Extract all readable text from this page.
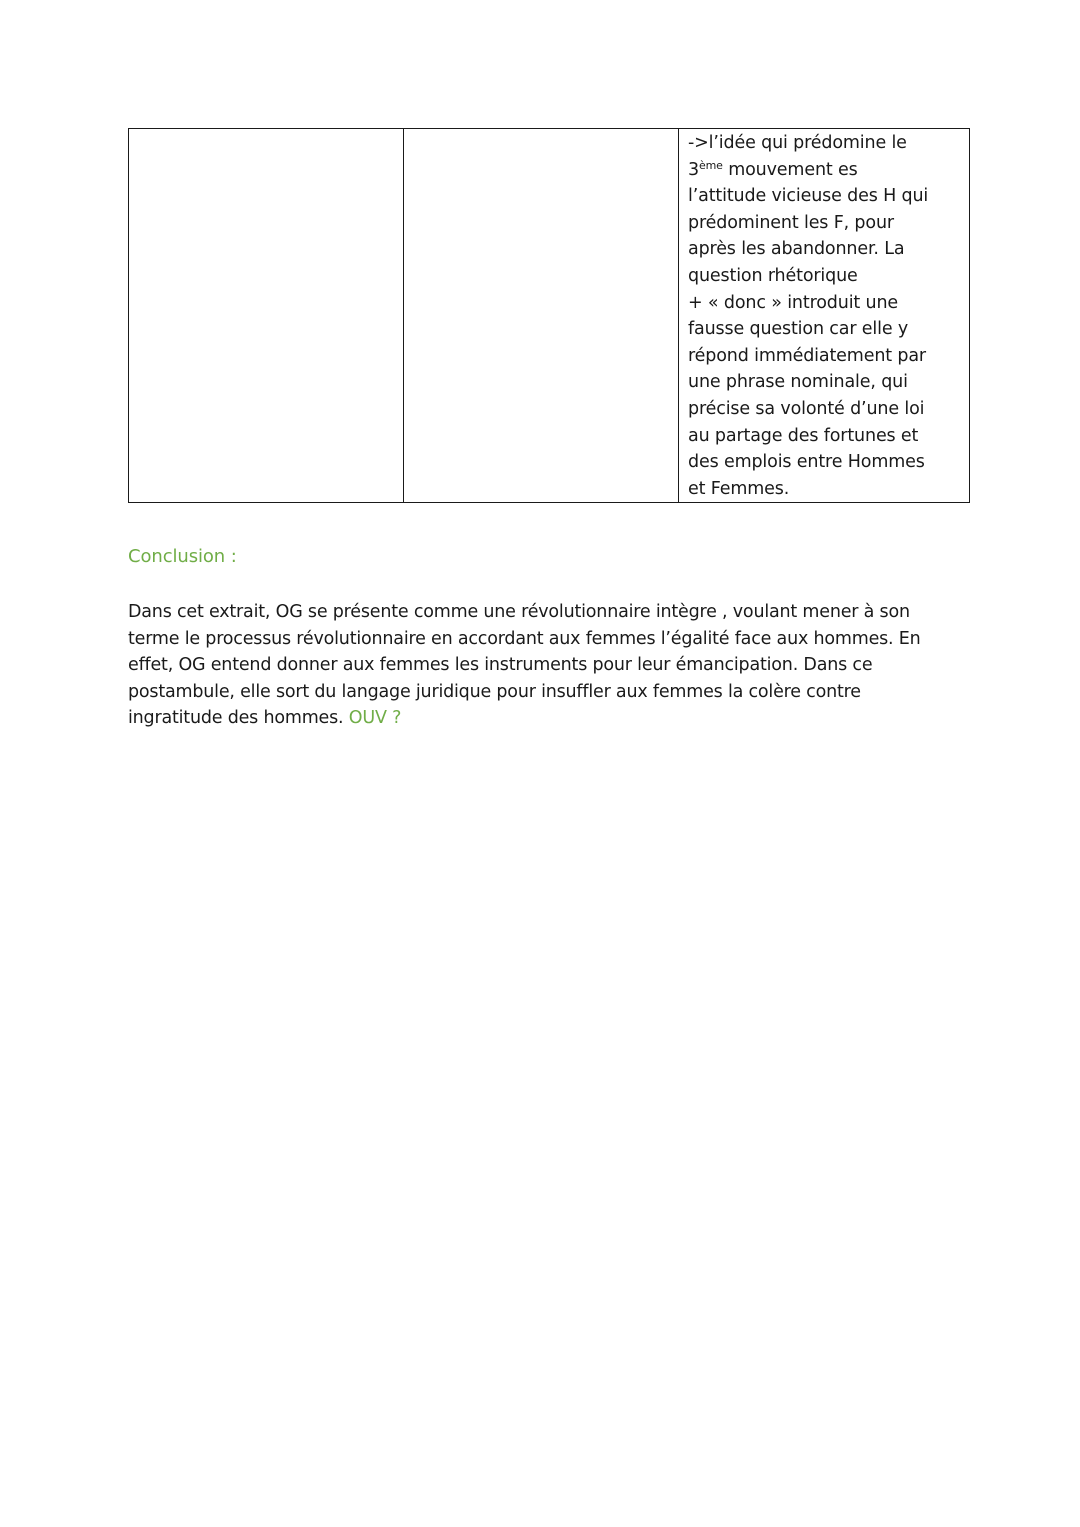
->l’idée qui prédomine le
3ème mouvement es
l’attitude vicieuse des H qui
prédominent les F, pour
après les abandonner. La
question rhétorique
+ « donc » introduit une
fausse question car elle y
répond immédiatement par
une phrase nominale, qui
précise sa volonté d’une loi
au partage des fortunes et
des emplois entre Hommes
et Femmes.
Conclusion :
Dans cet extrait, OG se présente comme une révolutionnaire intègre , voulant mener à son
terme le processus révolutionnaire en accordant aux femmes l’égalité face aux hommes. En
effet, OG entend donner aux femmes les instruments pour leur émancipation. Dans ce
postambule, elle sort du langage juridique pour insuffler aux femmes la colère contre
ingratitude des hommes. OUV ?
